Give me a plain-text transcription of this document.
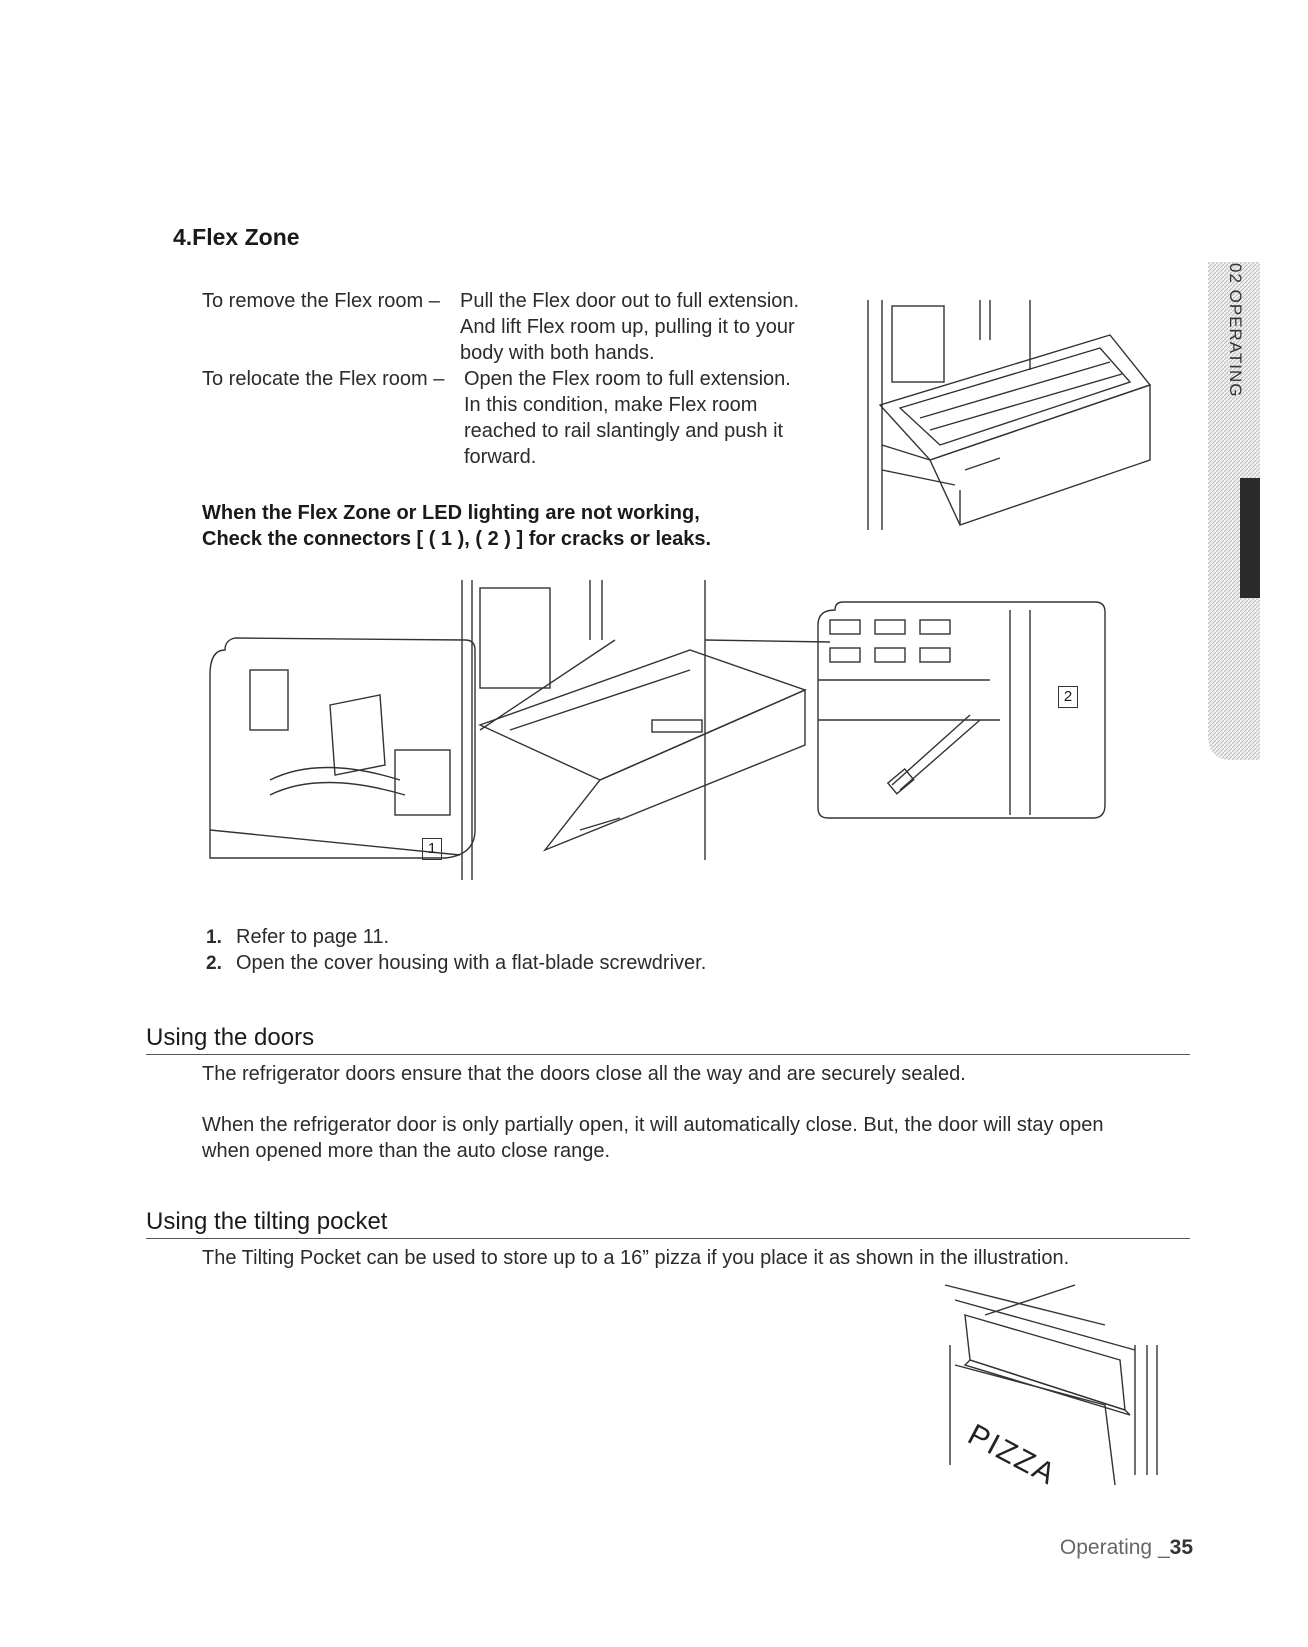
02 OPERATING
4.Flex Zone
To remove the Flex room – Pull the Flex door out to full extension.
And lift Flex room up, pulling it to your
body with both hands.
To relocate the Flex room – Open the Flex room to full extension.
In this condition, make Flex room
reached to rail slantingly and push it
forward.
When the Flex Zone or LED lighting are not working,
Check the connectors [ ( 1 ), ( 2 ) ] for cracks or leaks.
1
2
1. Refer to page 11.
2. Open the cover housing with a flat-blade screwdriver.
Using the doors
The refrigerator doors ensure that the doors close all the way and are securely sealed.
When the refrigerator door is only partially open, it will automatically close. But, the door will stay open
when opened more than the auto close range.
Using the tilting pocket
The Tilting Pocket can be used to store up to a 16” pizza if you place it as shown in the illustration.
PIZZA
Operating _35
